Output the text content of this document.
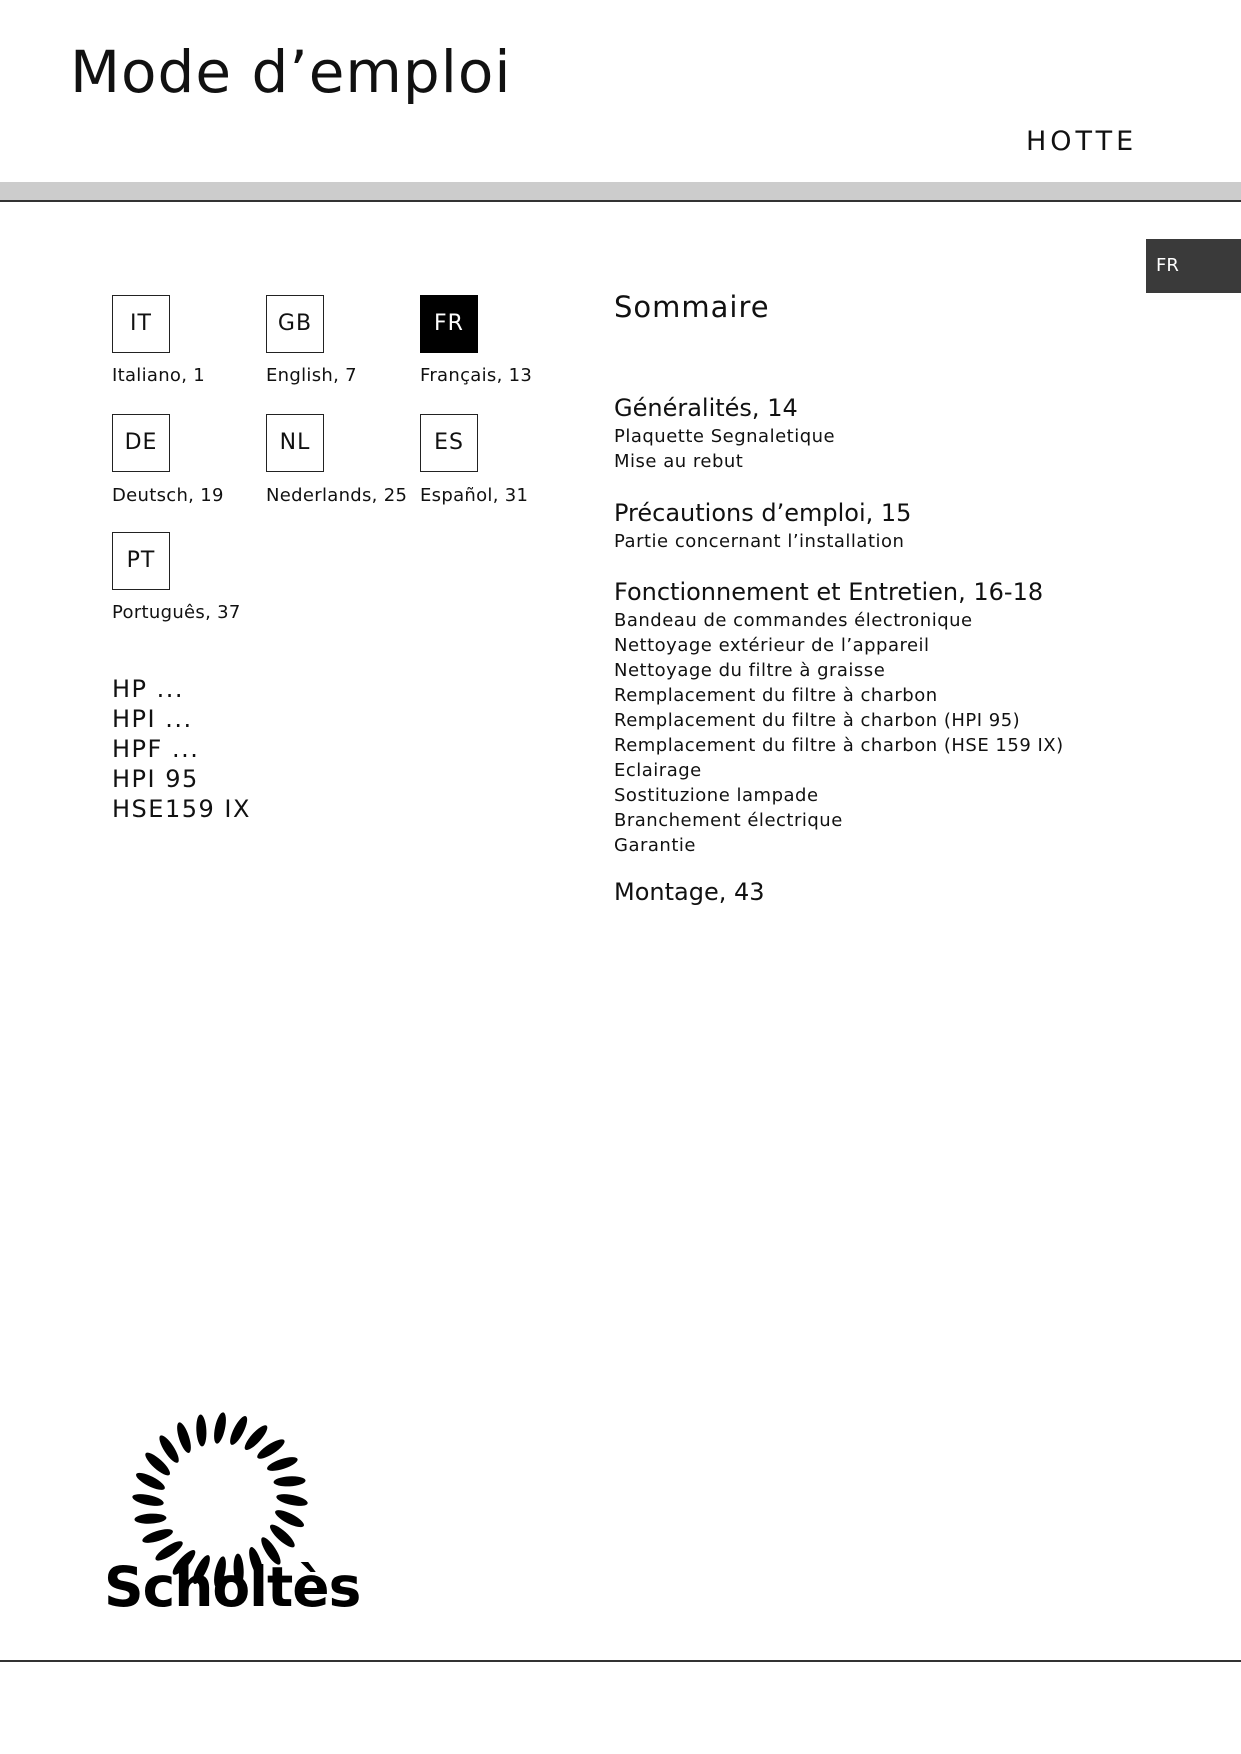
Mode d’emploi
HOTTE
FR
IT
Italiano, 1
GB
English, 7
FR
Français, 13
DE
Deutsch, 19
NL
Nederlands, 25
ES
Español, 31
PT
Português, 37
HP ...
HPI ...
HPF ...
HPI 95
HSE159 IX
Sommaire
Généralités, 14
Plaquette Segnaletique
Mise au rebut
Précautions d’emploi, 15
Partie concernant l’installation
Fonctionnement et Entretien, 16-18
Bandeau de commandes électronique
Nettoyage extérieur de l’appareil
Nettoyage du filtre à graisse
Remplacement du filtre à charbon
Remplacement du filtre à charbon (HPI 95)
Remplacement du filtre à charbon (HSE 159 IX)
Eclairage
Sostituzione lampade
Branchement électrique
Garantie
Montage, 43
Scholtès
